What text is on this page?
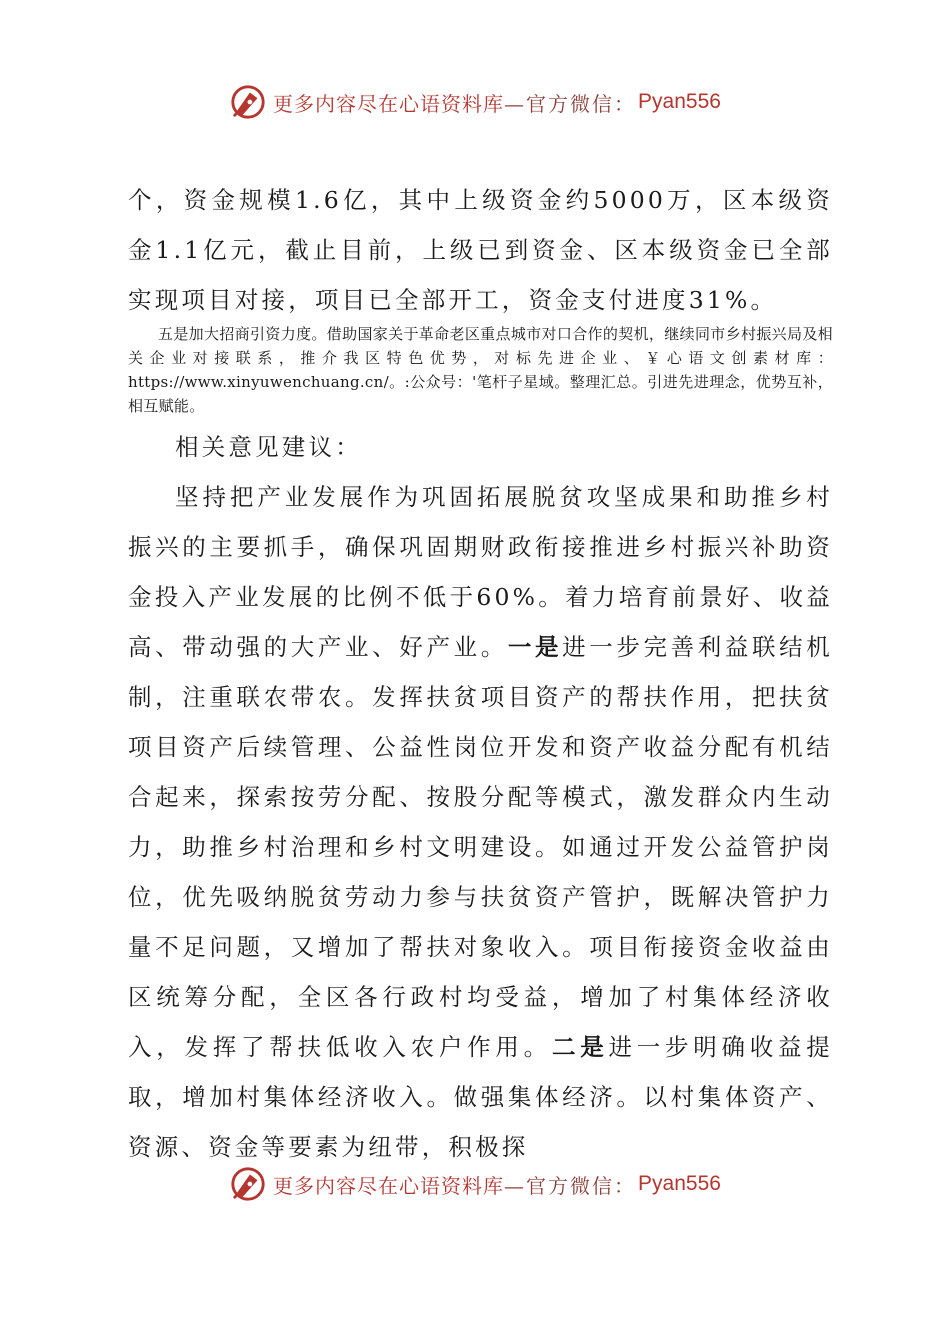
更多内容尽在心语资料库 —官方微信： Pyan556

个，资金规模1.6亿，其中上级资金约5000万，区本级资金1.1亿元，截止目前，上级已到资金、区本级资金已全部实现项目对接，项目已全部开工，资金支付进度31%。

五是加大招商引资力度。借助国家关于革命老区重点城市对口合作的契机，继续同市乡村振兴局及相关企业对接联系，推介我区特色优势，对标先进企业、￥心语文创素材库：https://www.xinyuwenchuang.cn/。:公众号：'笔杆子星域。整理汇总。引进先进理念，优势互补，相互赋能。

相关意见建议：

坚持把产业发展作为巩固拓展脱贫攻坚成果和助推乡村振兴的主要抓手，确保巩固期财政衔接推进乡村振兴补助资金投入产业发展的比例不低于60%。着力培育前景好、收益高、带动强的大产业、好产业。一是进一步完善利益联结机制，注重联农带农。发挥扶贫项目资产的帮扶作用，把扶贫项目资产后续管理、公益性岗位开发和资产收益分配有机结合起来，探索按劳分配、按股分配等模式，激发群众内生动力，助推乡村治理和乡村文明建设。如通过开发公益管护岗位，优先吸纳脱贫劳动力参与扶贫资产管护，既解决管护力量不足问题，又增加了帮扶对象收入。项目衔接资金收益由区统筹分配，全区各行政村均受益，增加了村集体经济收入，发挥了帮扶低收入农户作用。二是进一步明确收益提取，增加村集体经济收入。做强集体经济。以村集体资产、资源、资金等要素为纽带，积极探

更多内容尽在心语资料库 —官方微信： Pyan556
